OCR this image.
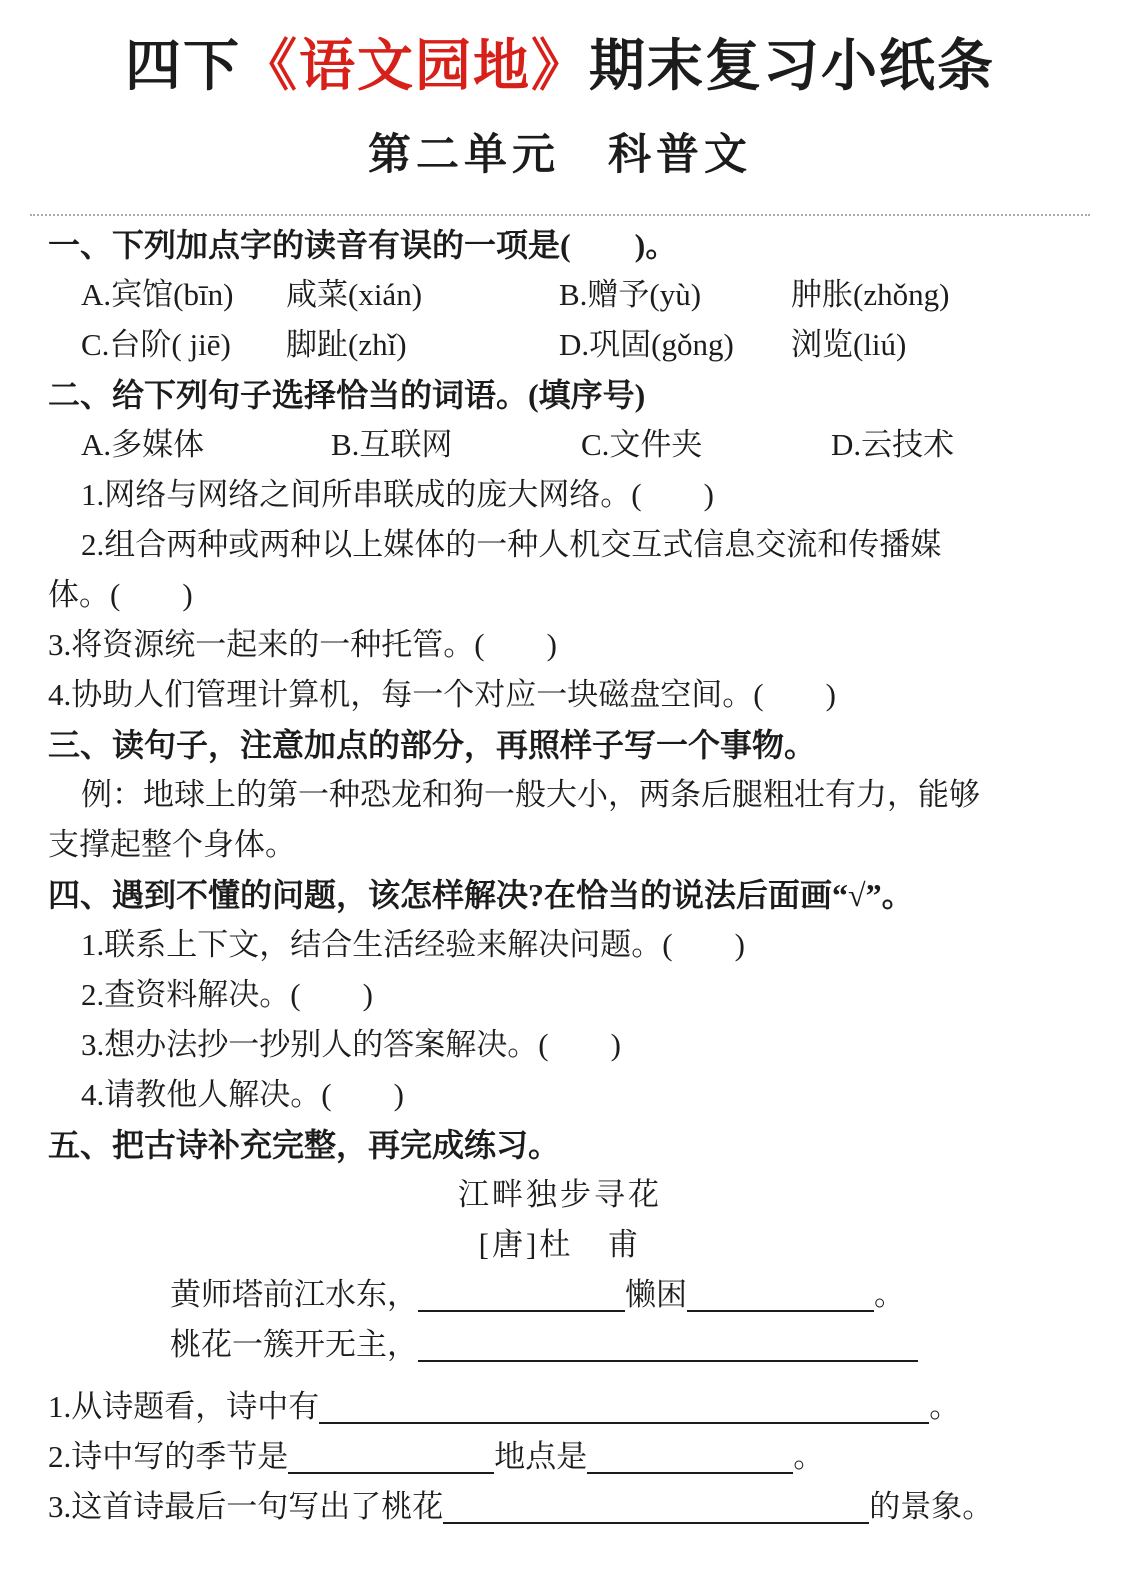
四下《语文园地》期末复习小纸条
第二单元　科普文
一、下列加点字的读音有误的一项是(　　)。
A.宾馆(bīn) 咸菜(xián)	B.赠予(yù)	肿胀(zhǒng)
C.台阶( jiē) 脚趾(zhǐ)	D.巩固(gǒng) 浏览(liú)
二、给下列句子选择恰当的词语。(填序号)
A.多媒体	B.互联网	C.文件夹	D.云技术
1.网络与网络之间所串联成的庞大网络。(　　)
2.组合两种或两种以上媒体的一种人机交互式信息交流和传播媒
体。(　　)
3.将资源统一起来的一种托管。(　　)
4.协助人们管理计算机，每一个对应一块磁盘空间。(　　)
三、读句子，注意加点的部分，再照样子写一个事物。
例：地球上的第一种恐龙和狗一般大小，两条后腿粗壮有力，能够
支撑起整个身体。
四、遇到不懂的问题，该怎样解决?在恰当的说法后面画“√”。
1.联系上下文，结合生活经验来解决问题。(　　)
2.查资料解决。(　　)
3.想办法抄一抄别人的答案解决。(　　)
4.请教他人解决。(　　)
五、把古诗补充完整，再完成练习。
江畔独步寻花
[唐]杜　甫
黄师塔前江水东，	懒困	。
桃花一簇开无主，
1.从诗题看，诗中有	。
2.诗中写的季节是	地点是	。
3.这首诗最后一句写出了桃花	的景象。
